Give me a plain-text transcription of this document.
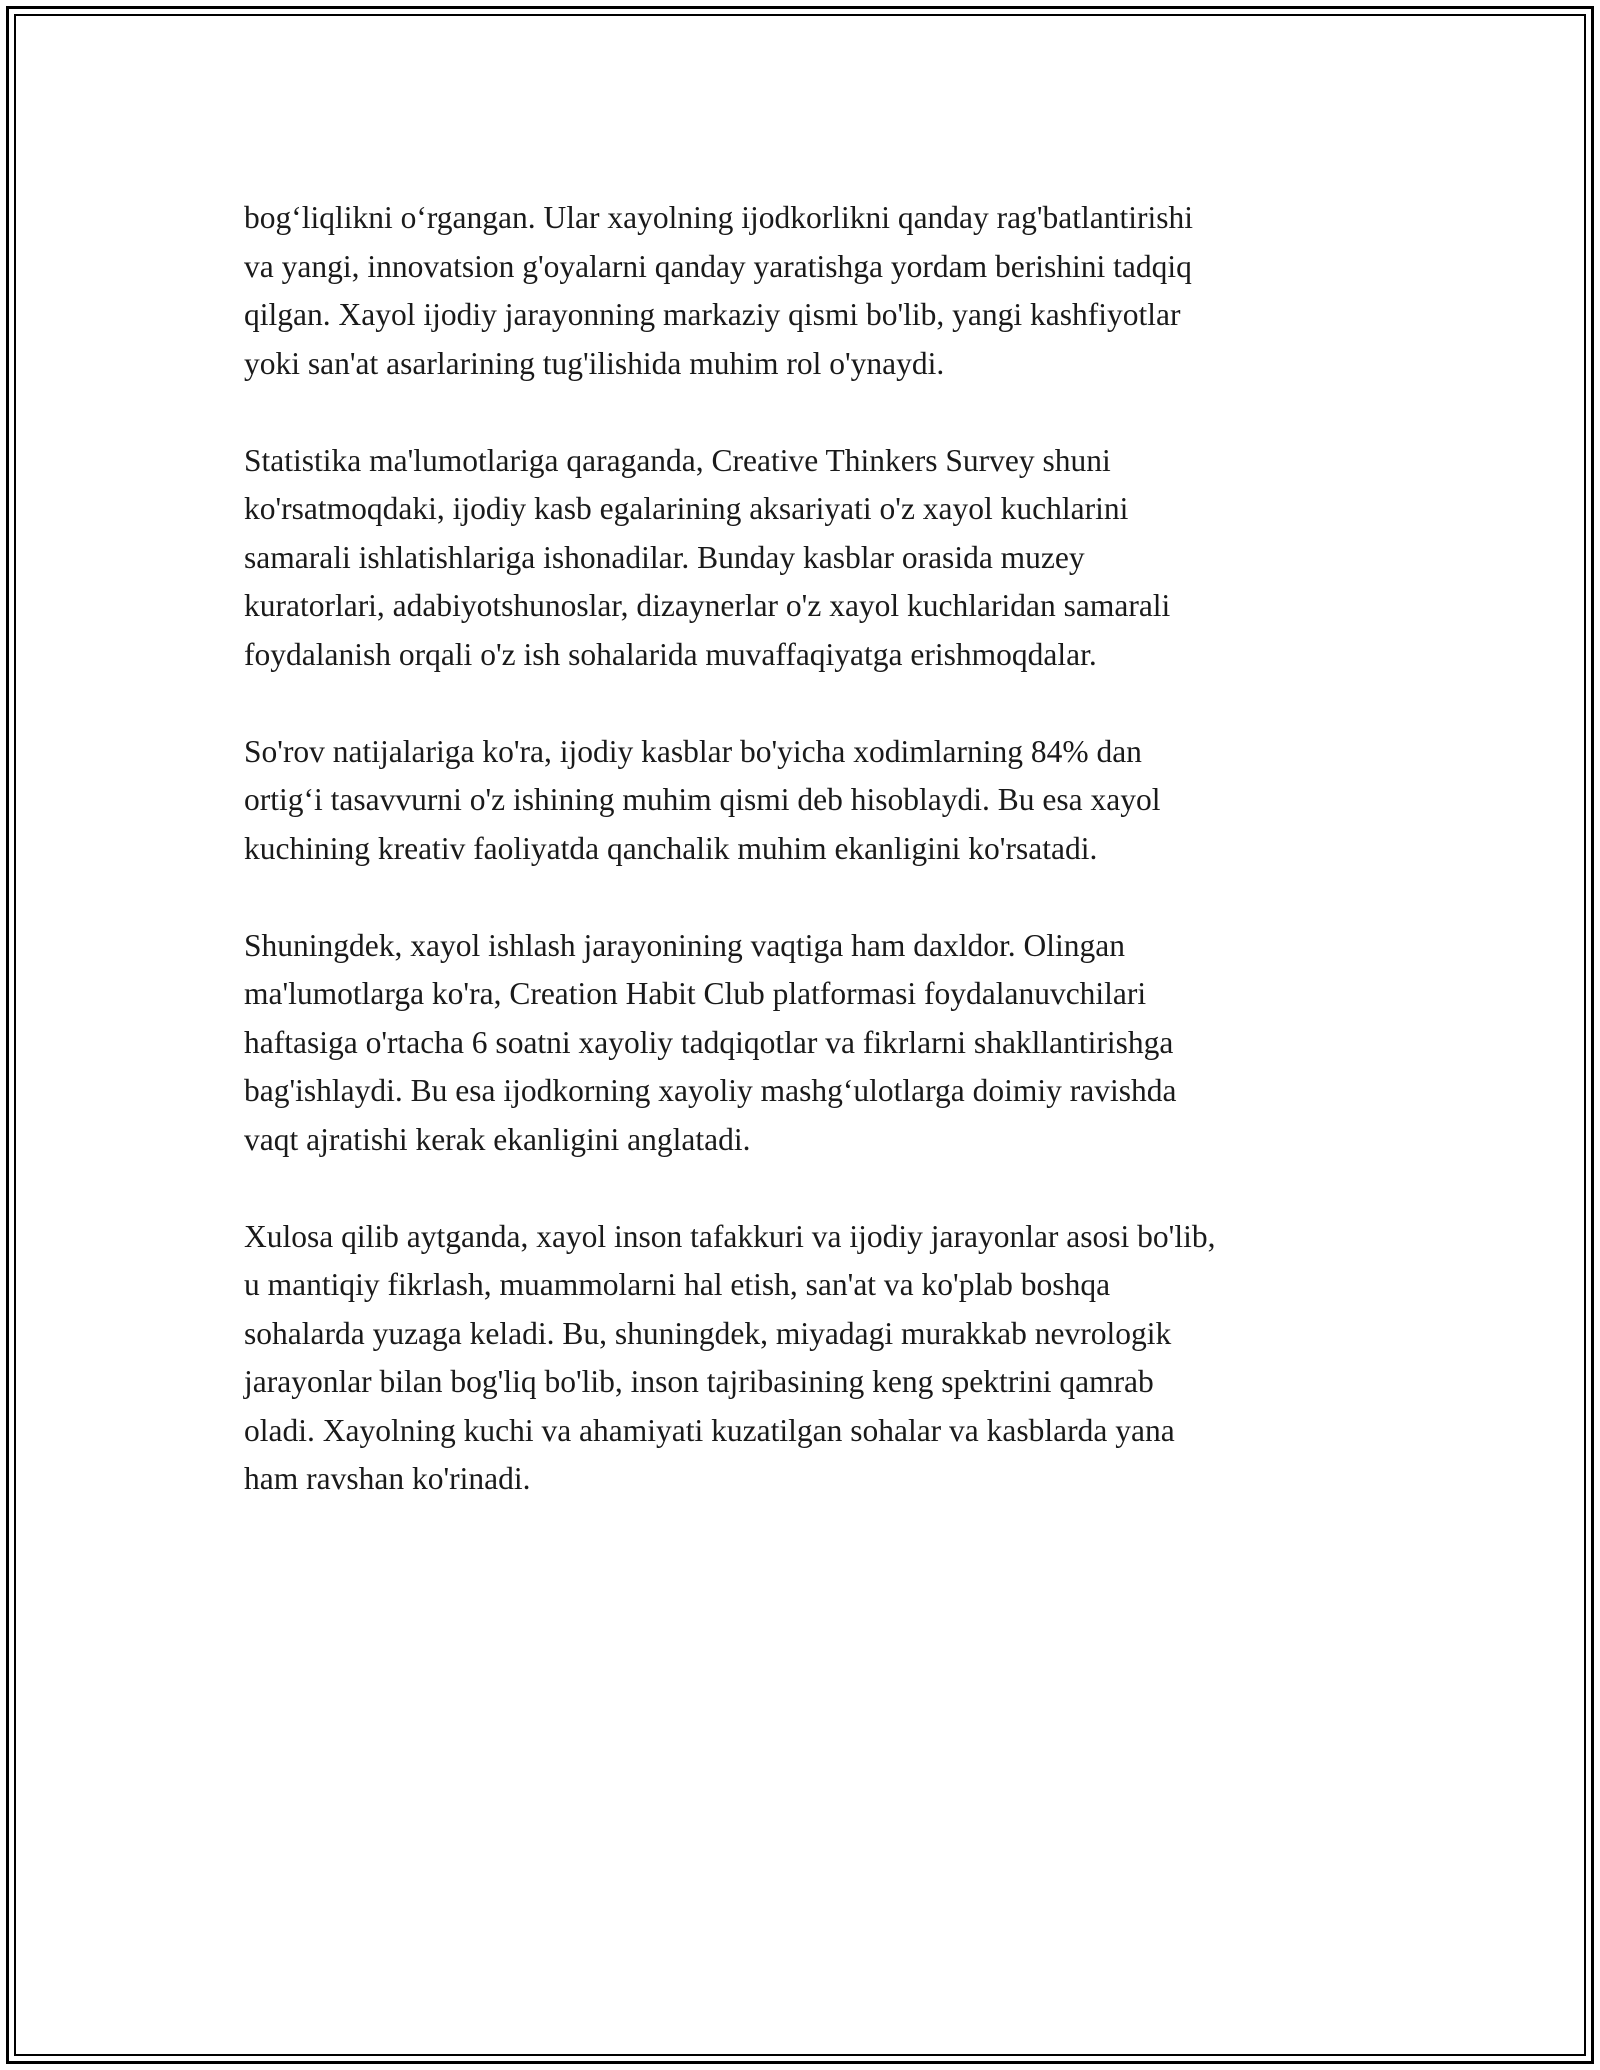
bog‘liqlikni o‘rgangan. Ular xayolning ijodkorlikni qanday rag'batlantirishi
va yangi, innovatsion g'oyalarni qanday yaratishga yordam berishini tadqiq
qilgan. Xayol ijodiy jarayonning markaziy qismi bo'lib, yangi kashfiyotlar
yoki san'at asarlarining tug'ilishida muhim rol o'ynaydi.

Statistika ma'lumotlariga qaraganda, Creative Thinkers Survey shuni
ko'rsatmoqdaki, ijodiy kasb egalarining aksariyati o'z xayol kuchlarini
samarali ishlatishlariga ishonadilar. Bunday kasblar orasida muzey
kuratorlari, adabiyotshunoslar, dizaynerlar o'z xayol kuchlaridan samarali
foydalanish orqali o'z ish sohalarida muvaffaqiyatga erishmoqdalar.

So'rov natijalariga ko'ra, ijodiy kasblar bo'yicha xodimlarning 84% dan
ortig‘i tasavvurni o'z ishining muhim qismi deb hisoblaydi. Bu esa xayol
kuchining kreativ faoliyatda qanchalik muhim ekanligini ko'rsatadi.

Shuningdek, xayol ishlash jarayonining vaqtiga ham daxldor. Olingan
ma'lumotlarga ko'ra, Creation Habit Club platformasi foydalanuvchilari
haftasiga o'rtacha 6 soatni xayoliy tadqiqotlar va fikrlarni shakllantirishga
bag'ishlaydi. Bu esa ijodkorning xayoliy mashg‘ulotlarga doimiy ravishda
vaqt ajratishi kerak ekanligini anglatadi.

Xulosa qilib aytganda, xayol inson tafakkuri va ijodiy jarayonlar asosi bo'lib,
u mantiqiy fikrlash, muammolarni hal etish, san'at va ko'plab boshqa
sohalarda yuzaga keladi. Bu, shuningdek, miyadagi murakkab nevrologik
jarayonlar bilan bog'liq bo'lib, inson tajribasining keng spektrini qamrab
oladi. Xayolning kuchi va ahamiyati kuzatilgan sohalar va kasblarda yana
ham ravshan ko'rinadi.
